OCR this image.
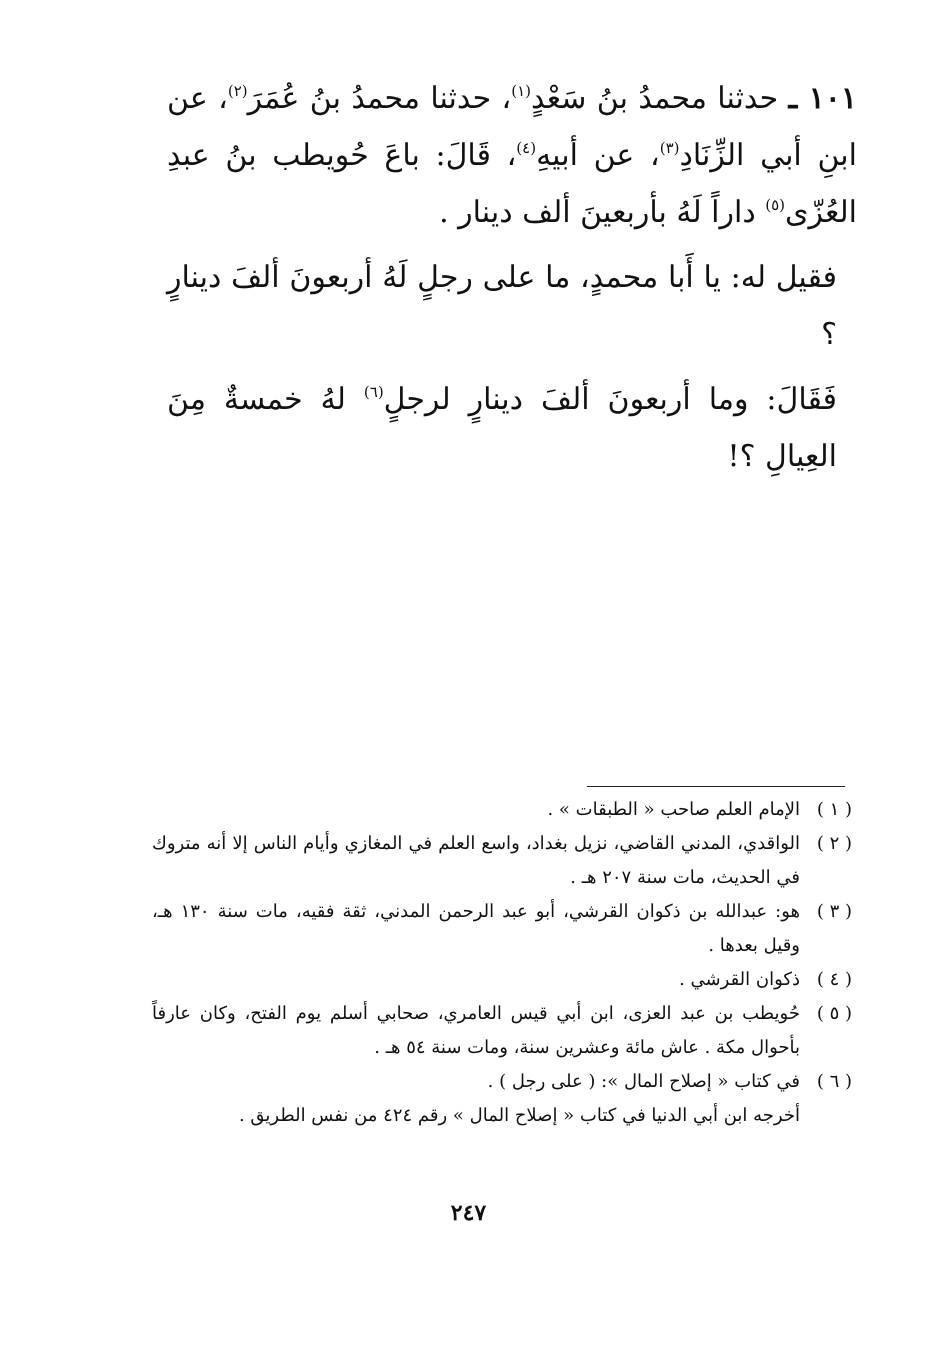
١٠١ ـ حدثنا محمدُ بنُ سَعْدٍ$^{(١)}$، حدثنا محمدُ بنُ عُمَرَ$^{(٢)}$، عن ابنِ أبي الزِّنَادِ$^{(٣)}$، عن أبيهِ$^{(٤)}$، قَالَ: باعَ حُويطب بنُ عبدِ العُزّى$^{(٥)}$ داراً لَهُ بأربعينَ ألف دينار .

فقيل له: يا أَبا محمدٍ، ما على رجلٍ لَهُ أربعونَ ألفَ دينارٍ ؟

فَقَالَ: وما أربعونَ ألفَ دينارٍ لرجلٍ$^{(٦)}$ لهُ خمسةٌ مِنَ العِيالِ ؟!

( ١ )
الإمام العلم صاحب « الطبقات » .
( ٢ )
الواقدي، المدني القاضي، نزيل بغداد، واسع العلم في المغازي وأيام الناس إلا أنه متروك في الحديث، مات سنة ٢٠٧ هـ .
( ٣ )
هو: عبدالله بن ذكوان القرشي، أبو عبد الرحمن المدني، ثقة فقيه، مات سنة ١٣٠ هـ، وقيل بعدها .
( ٤ )
ذكوان القرشي .
( ٥ )
حُويطب بن عبد العزى، ابن أبي قيس العامري، صحابي أسلم يوم الفتح، وكان عارفاً بأحوال مكة . عاش مائة وعشرين سنة، ومات سنة ٥٤ هـ .
( ٦ )
في كتاب « إصلاح المال »: ( على رجل ) .
أخرجه ابن أبي الدنيا في كتاب « إصلاح المال » رقم ٤٢٤ من نفس الطريق .
٢٤٧
